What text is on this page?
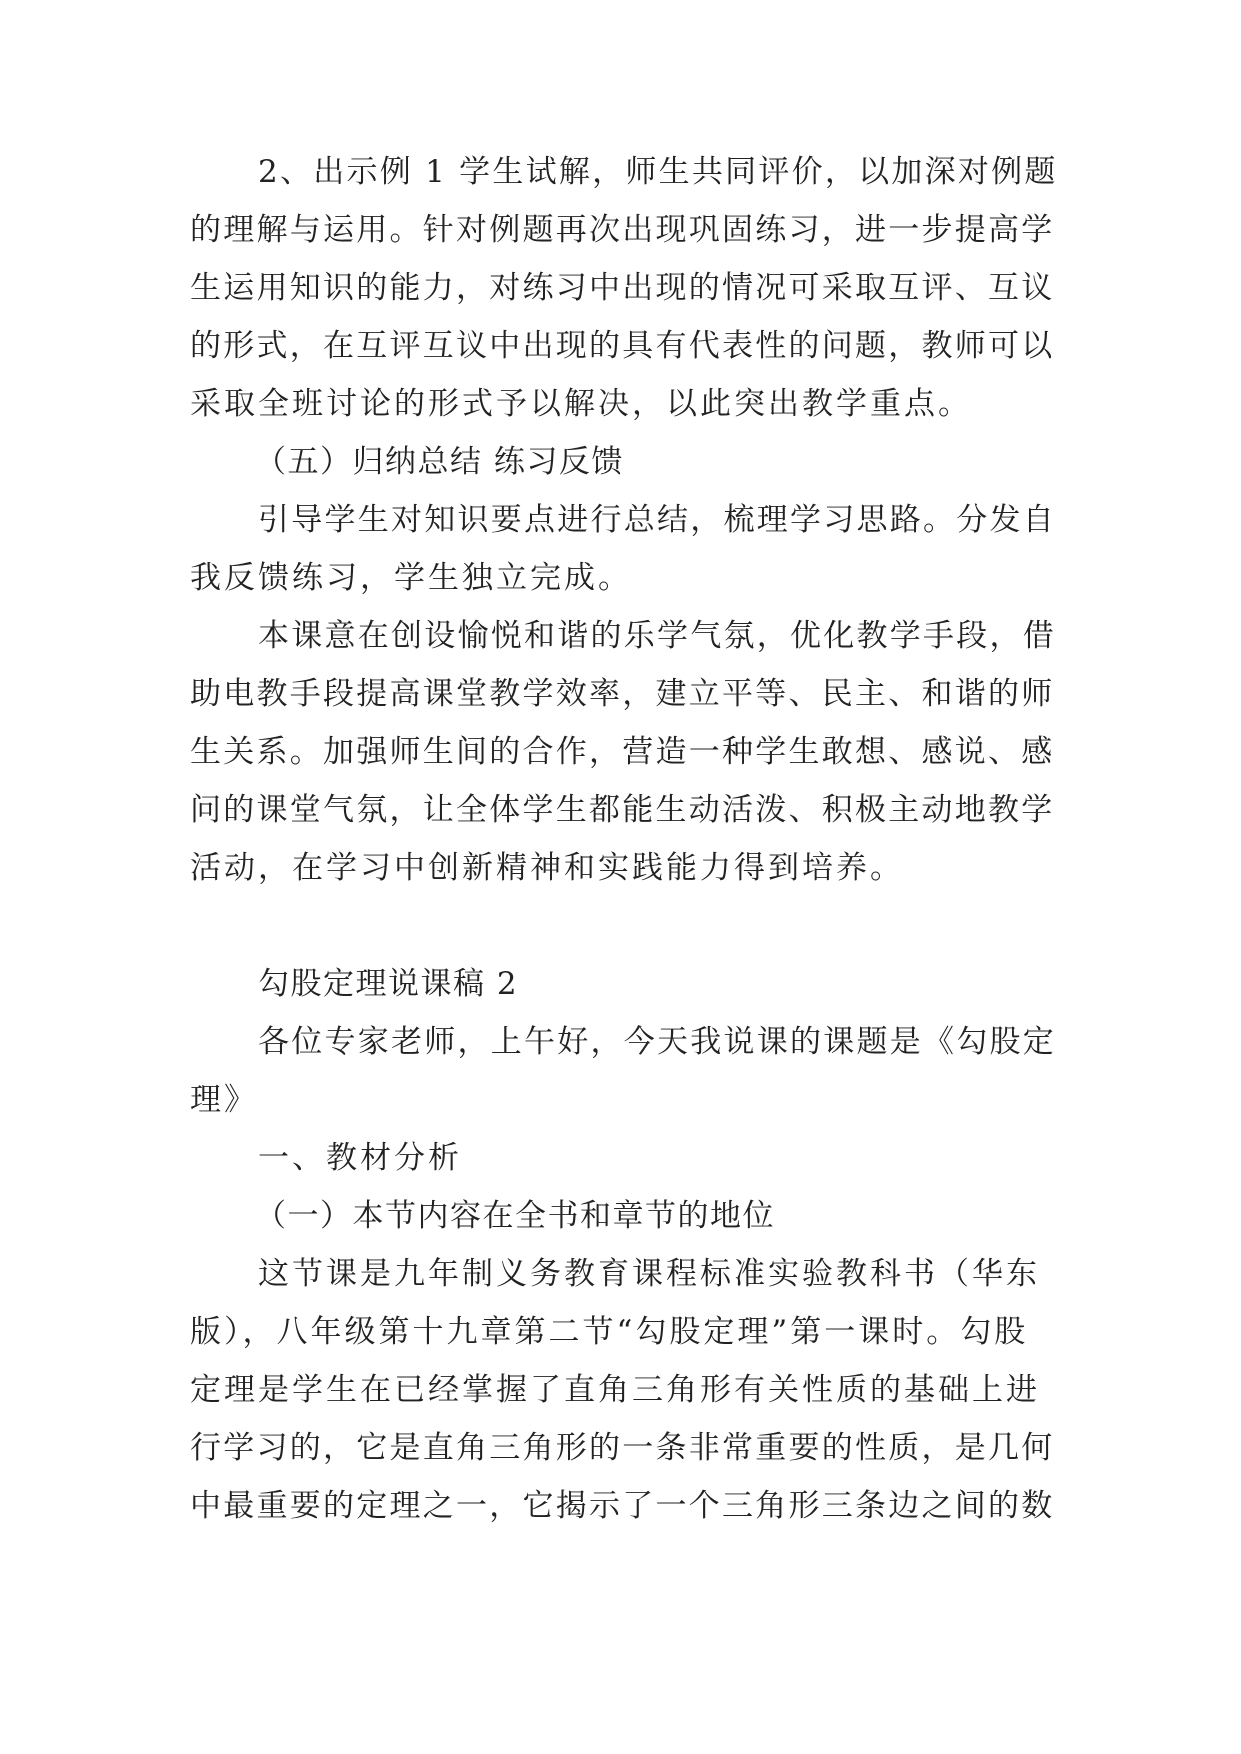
2、出示例 1 学生试解，师生共同评价，以加深对例题
的理解与运用。针对例题再次出现巩固练习，进一步提高学
生运用知识的能力，对练习中出现的情况可采取互评、互议
的形式，在互评互议中出现的具有代表性的问题，教师可以
采取全班讨论的形式予以解决，以此突出教学重点。
（五）归纳总结 练习反馈
引导学生对知识要点进行总结，梳理学习思路。分发自
我反馈练习，学生独立完成。
本课意在创设愉悦和谐的乐学气氛，优化教学手段，借
助电教手段提高课堂教学效率，建立平等、民主、和谐的师
生关系。加强师生间的合作，营造一种学生敢想、感说、感
问的课堂气氛，让全体学生都能生动活泼、积极主动地教学
活动，在学习中创新精神和实践能力得到培养。
勾股定理说课稿 2
各位专家老师，上午好，今天我说课的课题是《勾股定
理》
一、教材分析
（一）本节内容在全书和章节的地位
这节课是九年制义务教育课程标准实验教科书（华东
版），八年级第十九章第二节“勾股定理”第一课时。勾股
定理是学生在已经掌握了直角三角形有关性质的基础上进
行学习的，它是直角三角形的一条非常重要的性质，是几何
中最重要的定理之一，它揭示了一个三角形三条边之间的数
